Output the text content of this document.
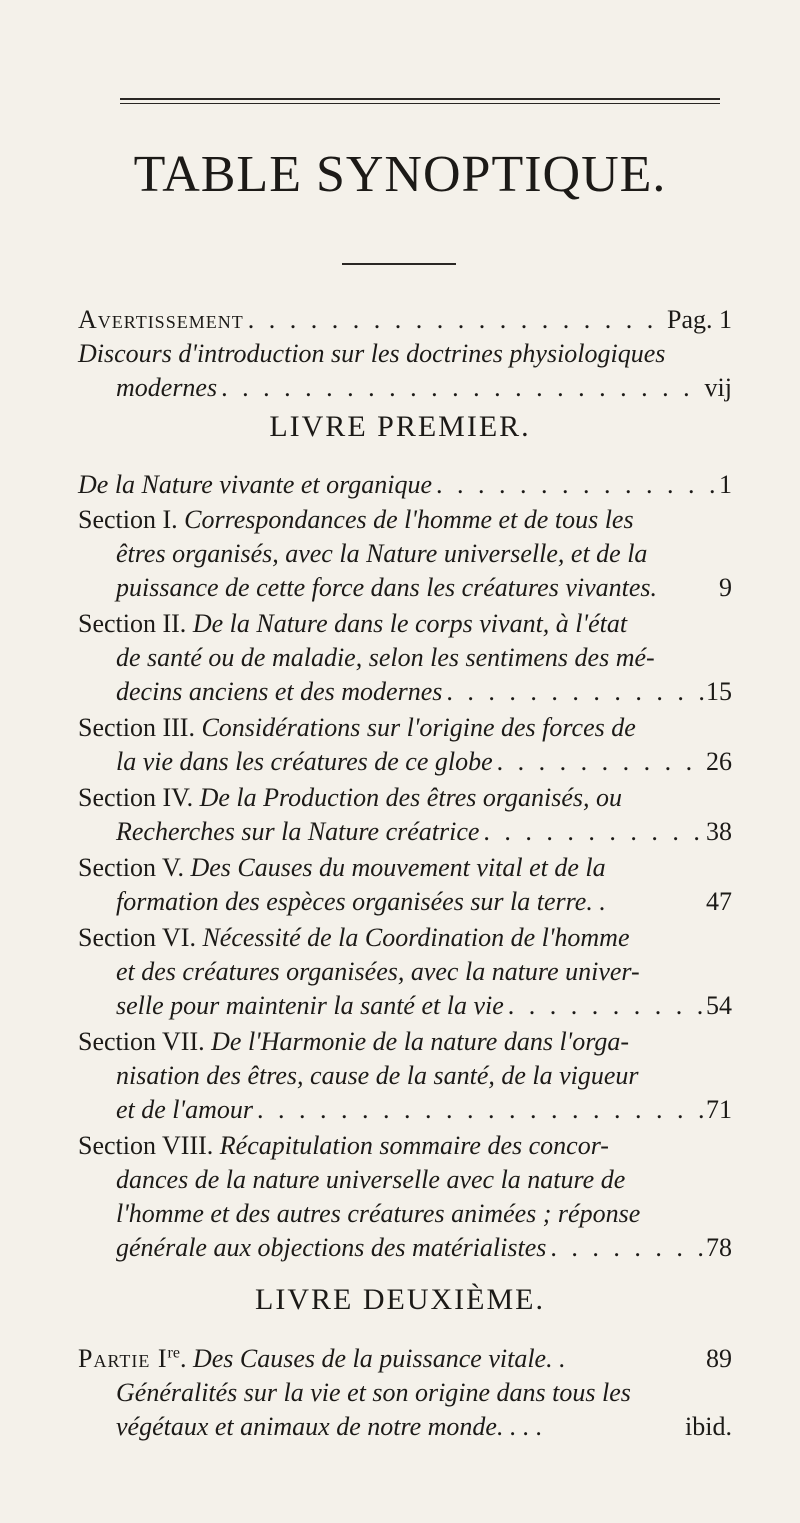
TABLE SYNOPTIQUE.
Avertissement . . .	Pag. 1
Discours d'introduction sur les doctrines physiologiques
modernes . . .	vij
LIVRE PREMIER.
De la Nature vivante et organique . . .	1
Section I. Correspondances de l'homme et de tous les
êtres organisés, avec la Nature universelle, et de la
puissance de cette force dans les créatures vivantes. 9
Section II. De la Nature dans le corps vivant, à l'état
de santé ou de maladie, selon les sentimens des mé-
decins anciens et des modernes . . .	15
Section III. Considérations sur l'origine des forces de
la vie dans les créatures de ce globe . . .	26
Section IV. De la Production des êtres organisés, ou
Recherches sur la Nature créatrice . . .	38
Section V. Des Causes du mouvement vital et de la
formation des espèces organisées sur la terre. .	47
Section VI. Nécessité de la Coordination de l'homme
et des créatures organisées, avec la nature univer-
selle pour maintenir la santé et la vie . . .	54
Section VII. De l'Harmonie de la nature dans l'orga-
nisation des êtres, cause de la santé, de la vigueur
et de l'amour . . .	71
Section VIII. Récapitulation sommaire des concor-
dances de la nature universelle avec la nature de
l'homme et des autres créatures animées ; réponse
générale aux objections des matérialistes . . .	78
LIVRE DEUXIÈME.
Partie Ire. Des Causes de la puissance vitale. .	89
Généralités sur la vie et son origine dans tous les
végétaux et animaux de notre monde. . . .	ibid.
